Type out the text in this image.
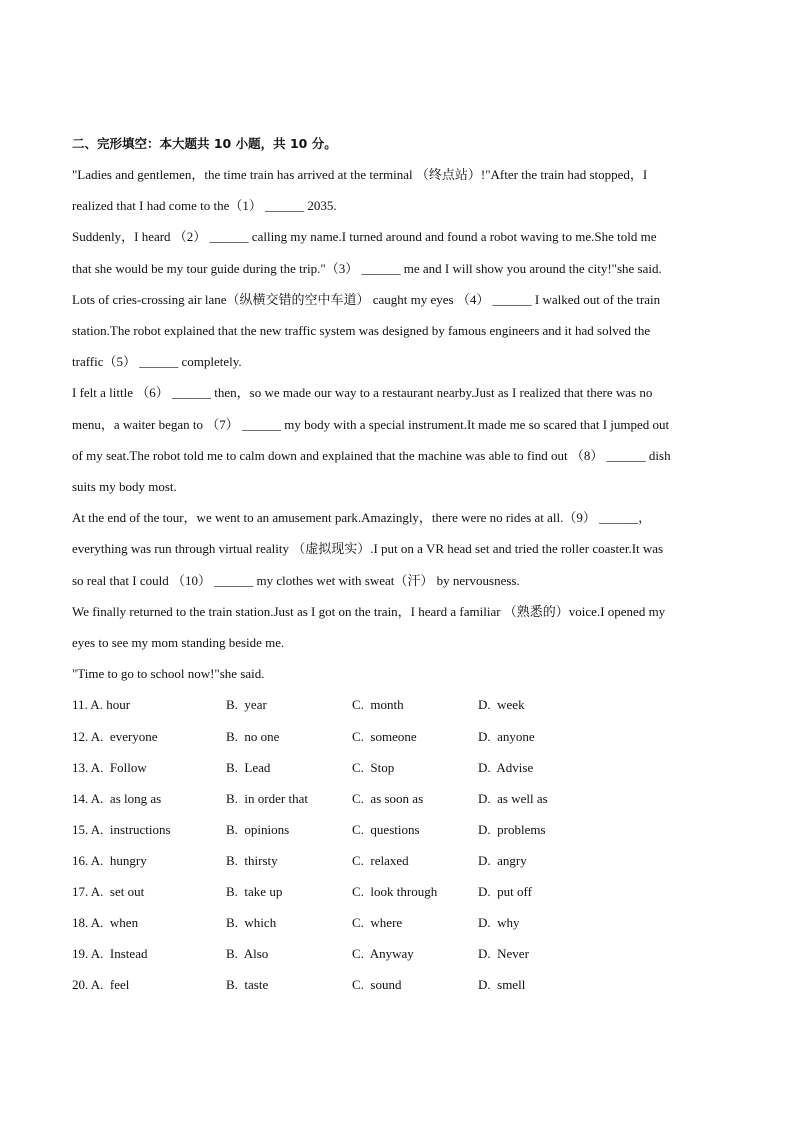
二、完形填空：本大题共 10 小题，共 10 分。

"Ladies and gentlemen，the time train has arrived at the terminal （终点站）!"After the train had stopped，I

realized that I had come to the（1） ______ 2035.

Suddenly，I heard （2） ______ calling my name.I turned around and found a robot waving to me.She told me

that she would be my tour guide during the trip."（3） ______ me and I will show you around the city!"she said.

Lots of cries-crossing air lane（纵横交错的空中车道） caught my eyes （4） ______ I walked out of the train

station.The robot explained that the new traffic system was designed by famous engineers and it had solved the

traffic（5） ______ completely.

I felt a little （6） ______ then，so we made our way to a restaurant nearby.Just as I realized that there was no

menu，a waiter began to （7） ______ my body with a special instrument.It made me so scared that I jumped out

of my seat.The robot told me to calm down and explained that the machine was able to find out （8） ______ dish

suits my body most.

At the end of the tour，we went to an amusement park.Amazingly，there were no rides at all.（9） ______，

everything was run through virtual reality （虚拟现实）.I put on a VR head set and tried the roller coaster.It was

so real that I could （10） ______ my clothes wet with sweat（汗） by nervousness.

We finally returned to the train station.Just as I got on the train，I heard a familiar （熟悉的）voice.I opened my

eyes to see my mom standing beside me.

"Time to go to school now!"she said.

11. A. hour	B.  year	C.  month	D.  week
12. A.  everyone	B.  no one	C.  someone	D.  anyone
13. A.  Follow	B.  Lead	C.  Stop	D.  Advise
14. A.  as long as	B.  in order that	C.  as soon as	D.  as well as
15. A.  instructions	B.  opinions	C.  questions	D.  problems
16. A.  hungry	B.  thirsty	C.  relaxed	D.  angry
17. A.  set out	B.  take up	C.  look through	D.  put off
18. A.  when	B.  which	C.  where	D.  why
19. A.  Instead	B.  Also	C.  Anyway	D.  Never
20. A.  feel	B.  taste	C.  sound	D.  smell
